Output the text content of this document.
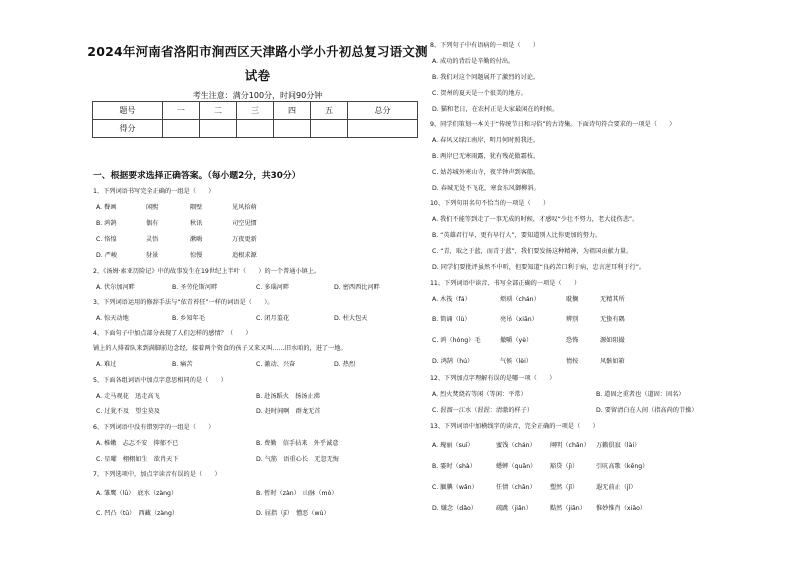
2024年河南省洛阳市涧西区天津路小学小升初总复习语文测
试卷
考生注意：满分100分，时间90分钟
题号	一	二	三	四	五	总分
得分						
一、根据要求选择正确答案。（每小题2分，共30分）
1、下列词语书写完全正确的一组是（　　）
A. 餐画	闲熙	隅壁	见风拾萌
B. 鸿鹄	偶有	秋讯	司空见惯
C. 恪惶	灵悟	漱嗨	万夜更新
D. 严峻	豺景	惊慢	追根求源
2、《汤姆·索亚历险记》中的故事发生在19世纪上半叶（　　）的一个普通小镇上。
A. 伏尔加河畔	B. 圣劳伦斯河畔	C. 多瑙河畔	D. 密西西比河畔
3、下列词语运用的修辞手法与“依青苔狂”一样的词语是（　　）。
A. 惊天动地	B. 乡知年毛	C. 闭月羞花	D. 柱大包天
4、下面句子中加点部分表现了人们怎样的感情？（　　）
铺上的人排着队来到满脚前边念经，接着两个资食的孩子又来又叫……旧水咱的，进了一地。
A. 难过	B. 痛苦	C. 激动、兴奋	D. 热烈
5、下面各组词语中加点字意思相同的是（　　）
A. 走马观花　迅走高飞	B. 赴汤蹈火　扬汤止沸
C. 过犹不及　望尘莫及	D. 赶时间啊　群龙无首
6、下列词语中没有错别字的一组是（　　）
A. 椎嫩　忐忑不安　抑郁不已	B. 费勤　信手拈来　外乎诚意
C. 星曜　栩栩如生　欲肖天下	D. 气筋　语重心长　无忽无悔
7、下列选项中，加点字读音有误的是（　　）
A. 雏鹰（lǘ）　底水（zàng）	B. 暂时（zàn）　山脉（mò）
C. 凹凸（tū）　西藏（zàng）	D. 屈指（jī）　憎恶（wù）
8、下列句子中有语病的一项是（　　）
A. 成功的背后是辛勤的付出。
B. 我们对这个问题展开了激烈的讨论。
C. 贺州的夏天是一个很美的地方。
D. 猫和老日，在农村正是大家最闲在的时候。
9、同学们策划一本关于“传统节日和习俗”的古诗集。下面诗句符合要求的一项是（　　）
A. 春风又绿江南岸，明月何时照我还。
B. 两岸已无寒雨露，犹有残花傲霜枝。
C. 姑苏城外寒山寺，夜半钟声到客船。
D. 春城无处不飞花，寒食东风御柳斜。
10、下列句用名句不恰当的一项是（　　）
A. 我们不能等到走了一事无成的时候，才感叹“少壮不努力，老大徒伤悲”。
B. “英雄君行早，更有早行人”，要知道别人比你更加的努力。
C. “青，取之于蓝，而青于蓝”，我们要发扬这种精神，为祖国贡献力量。
D. 同学们要批评虽然不中听，但要知道“良药苦口利于病，忠言逆耳利于行”。
11、下列词语中读音、书写全部正确的一项是（　　）
A. 木筏（fá）	烦琐（chán）	耽搁	无精其所
B. 简诵（lù）	亮吊（xiān）	辨别	无蛰有隅
C. 鸿（hóng）毛	撤嚼（yè）	恐怖	源如阻撮
D. 鸿鹄（hú）	气候（lèi）	惰按	风骸如箱
12、下列加点字理解有误的是哪一项（　　）
A. 烈火焚烧若等闲（等闲：平常）	B. 道固之重者也（道固：固名）
C. 渥溜一江水（渥渥：清澈的样子）	D. 要留清白在人间（指高尚的节操）
13、下列词语中加横线字的读音，完全正确的一项是（　　）
A. 瑰丽（suī）	蜜饯（chán） 阐明（chǎn） 万籁俱寂（lài）
B. 霎时（shà）	蟋蟀（quān） 豁贷（jì）	引吭高歌（kēng）
C. 腼腆（wǎn）	任情（chān） 塑然（jǐ）	遐无前止（jǐ）
D. 嫌念（dǎo）	疏跳（jiǎn）	黠然（jiān） 惟妙惟肖（xiāo）
